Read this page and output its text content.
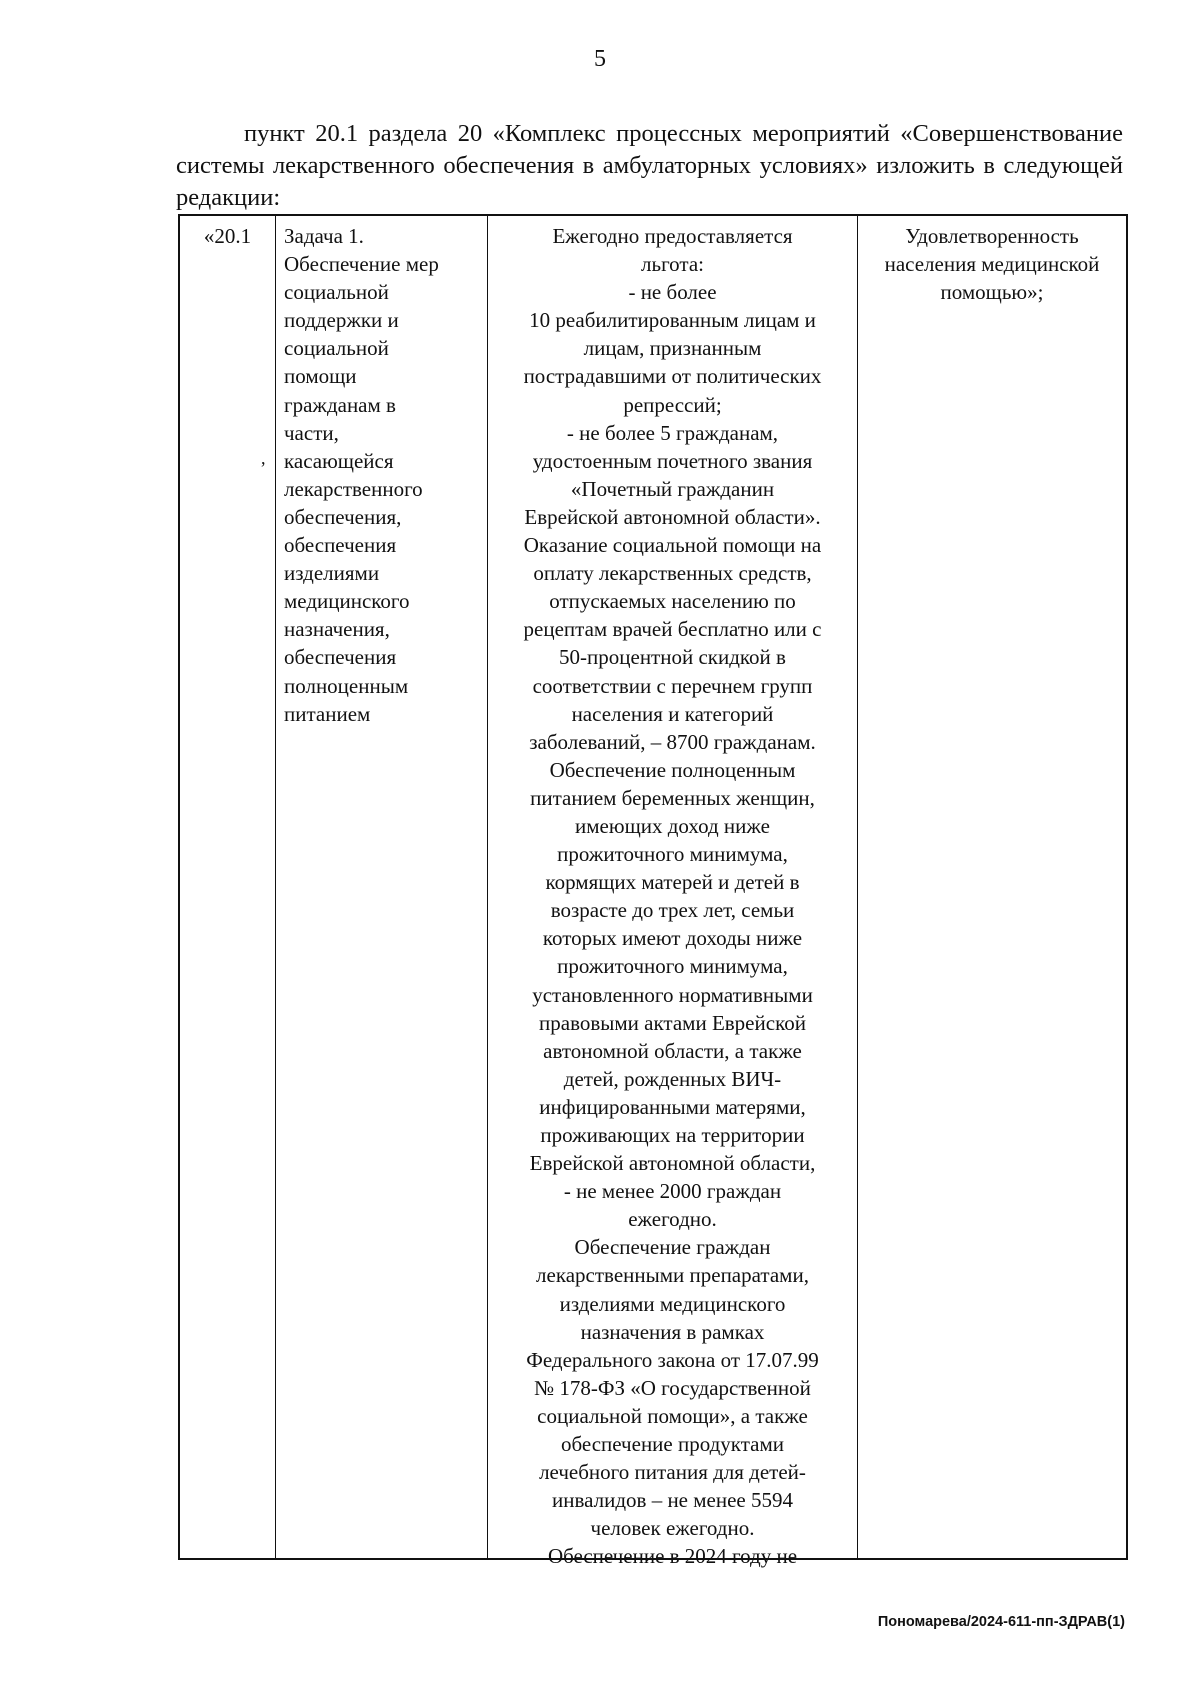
5
пункт 20.1 раздела 20 «Комплекс процессных мероприятий «Совершенствование системы лекарственного обеспечения в амбулаторных условиях» изложить в следующей редакции:
«20.1	Задача 1.
Обеспечение мер
социальной
поддержки и
социальной
помощи
гражданам в
части,
касающейся
лекарственного
обеспечения,
обеспечения
изделиями
медицинского
назначения,
обеспечения
полноценным
питанием
Ежегодно предоставляется
льгота:
- не более
10 реабилитированным лицам и
лицам, признанным
пострадавшими от политических
репрессий;
- не более 5 гражданам,
удостоенным почетного звания
«Почетный гражданин
Еврейской автономной области».
Оказание социальной помощи на
оплату лекарственных средств,
отпускаемых населению по
рецептам врачей бесплатно или с
50-процентной скидкой в
соответствии с перечнем групп
населения и категорий
заболеваний, – 8700 гражданам.
Обеспечение полноценным
питанием беременных женщин,
имеющих доход ниже
прожиточного минимума,
кормящих матерей и детей в
возрасте до трех лет, семьи
которых имеют доходы ниже
прожиточного минимума,
установленного нормативными
правовыми актами Еврейской
автономной области, а также
детей, рожденных ВИЧ-
инфицированными матерями,
проживающих на территории
Еврейской автономной области,
- не менее 2000 граждан
ежегодно.
Обеспечение граждан
лекарственными препаратами,
изделиями медицинского
назначения в рамках
Федерального закона от 17.07.99
№ 178-ФЗ «О государственной
социальной помощи», а также
обеспечение продуктами
лечебного питания для детей-
инвалидов – не менее 5594
человек ежегодно.
Обеспечение в 2024 году не
Удовлетворенность
населения медицинской
помощью»;
,
Пономарева/2024-611-пп-ЗДРАВ(1)
